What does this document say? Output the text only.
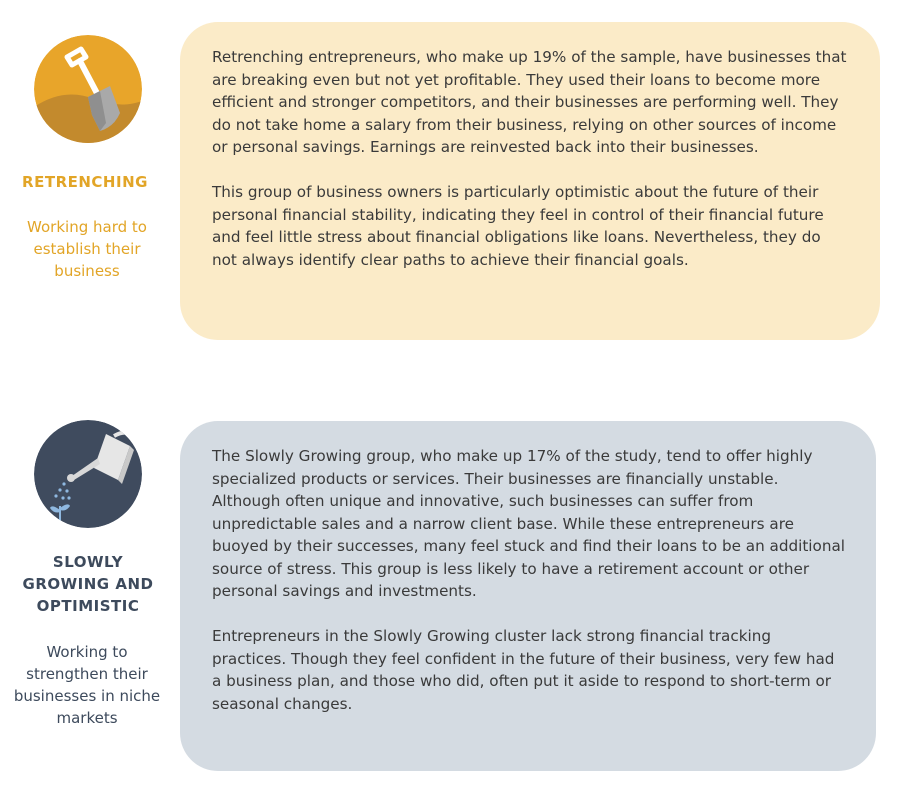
RETRENCHING

Working hard to establish their business

Retrenching entrepreneurs, who make up 19% of the sample, have businesses that are breaking even but not yet profitable. They used their loans to become more efficient and stronger competitors, and their businesses are performing well. They do not take home a salary from their business, relying on other sources of income or personal savings. Earnings are reinvested back into their businesses.

This group of business owners is particularly optimistic about the future of their personal financial stability, indicating they feel in control of their financial future and feel little stress about financial obligations like loans. Nevertheless, they do not always identify clear paths to achieve their financial goals.

SLOWLY GROWING AND OPTIMISTIC

Working to strengthen their businesses in niche markets

The Slowly Growing group, who make up 17% of the study, tend to offer highly specialized products or services. Their businesses are financially unstable. Although often unique and innovative, such businesses can suffer from unpredictable sales and a narrow client base. While these entrepreneurs are buoyed by their successes, many feel stuck and find their loans to be an additional source of stress. This group is less likely to have a retirement account or other personal savings and investments.

Entrepreneurs in the Slowly Growing cluster lack strong financial tracking practices. Though they feel confident in the future of their business, very few had a business plan, and those who did, often put it aside to respond to short-term or seasonal changes.
